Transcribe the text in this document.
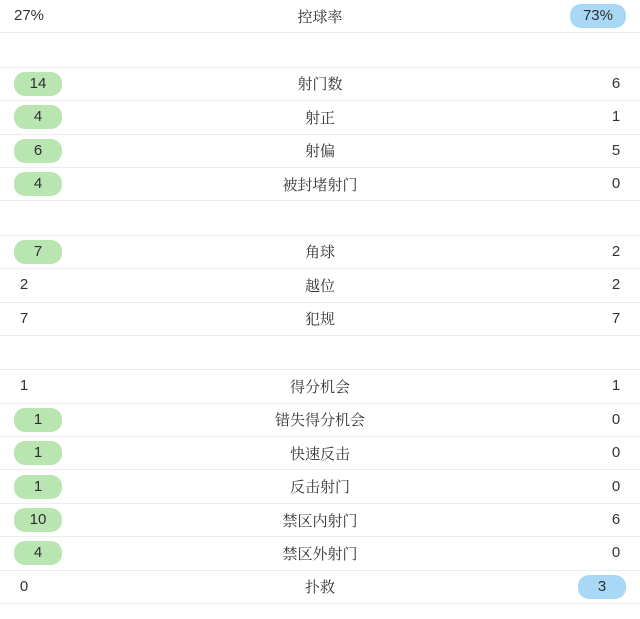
27%	控球率	73%
14	射门数	6
4	射正	1
6	射偏	5
4	被封堵射门	0
7	角球	2
2	越位	2
7	犯规	7
1	得分机会	1
1	错失得分机会	0
1	快速反击	0
1	反击射门	0
10	禁区内射门	6
4	禁区外射门	0
0	扑救	3
